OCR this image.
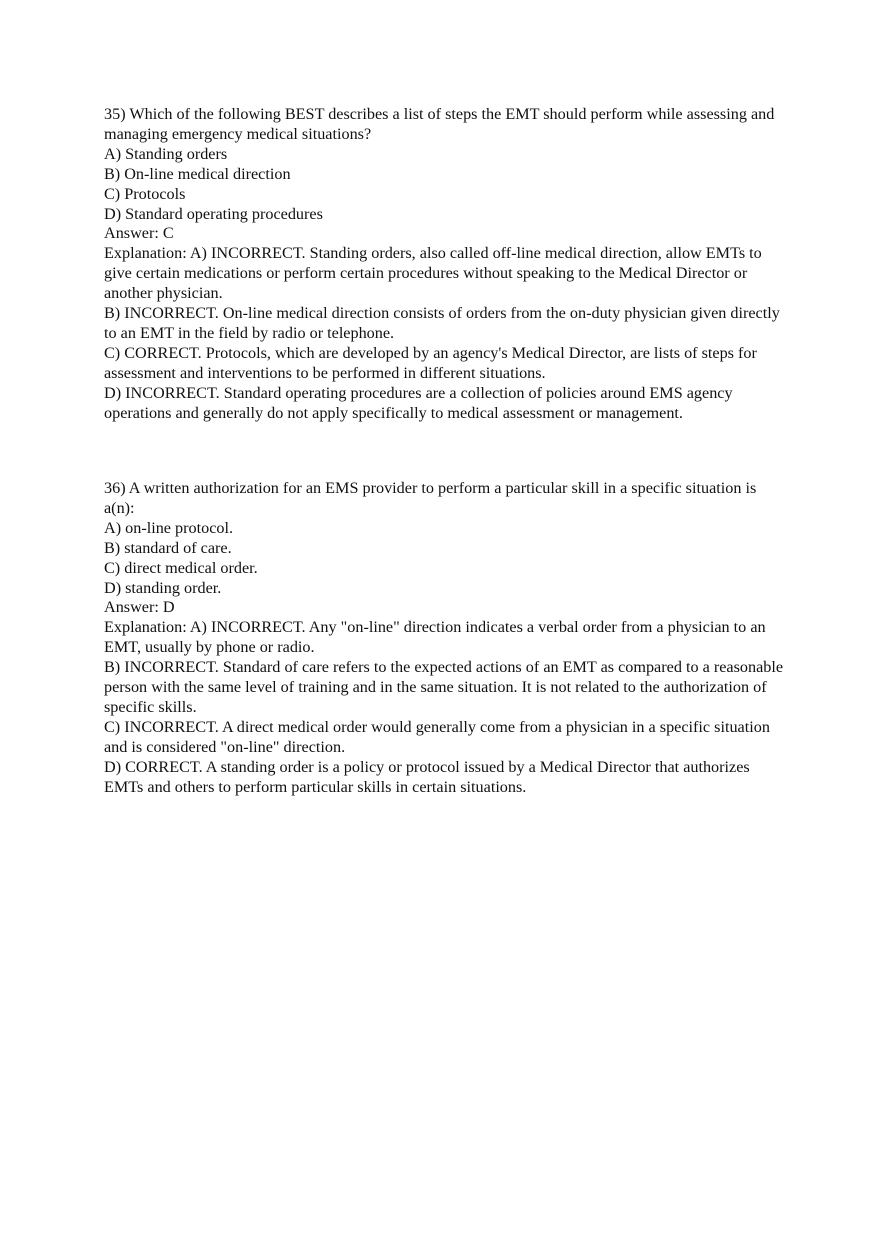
35) Which of the following BEST describes a list of steps the EMT should perform while assessing and managing emergency medical situations?
A) Standing orders
B) On-line medical direction
C) Protocols
D) Standard operating procedures
Answer: C
Explanation: A) INCORRECT. Standing orders, also called off-line medical direction, allow EMTs to give certain medications or perform certain procedures without speaking to the Medical Director or another physician.
B) INCORRECT. On-line medical direction consists of orders from the on-duty physician given directly to an EMT in the field by radio or telephone.
C) CORRECT. Protocols, which are developed by an agency's Medical Director, are lists of steps for assessment and interventions to be performed in different situations.
D) INCORRECT. Standard operating procedures are a collection of policies around EMS agency operations and generally do not apply specifically to medical assessment or management.
36) A written authorization for an EMS provider to perform a particular skill in a specific situation is a(n):
A) on-line protocol.
B) standard of care.
C) direct medical order.
D) standing order.
Answer: D
Explanation: A) INCORRECT. Any "on-line" direction indicates a verbal order from a physician to an EMT, usually by phone or radio.
B) INCORRECT. Standard of care refers to the expected actions of an EMT as compared to a reasonable person with the same level of training and in the same situation. It is not related to the authorization of specific skills.
C) INCORRECT. A direct medical order would generally come from a physician in a specific situation and is considered "on-line" direction.
D) CORRECT. A standing order is a policy or protocol issued by a Medical Director that authorizes EMTs and others to perform particular skills in certain situations.
